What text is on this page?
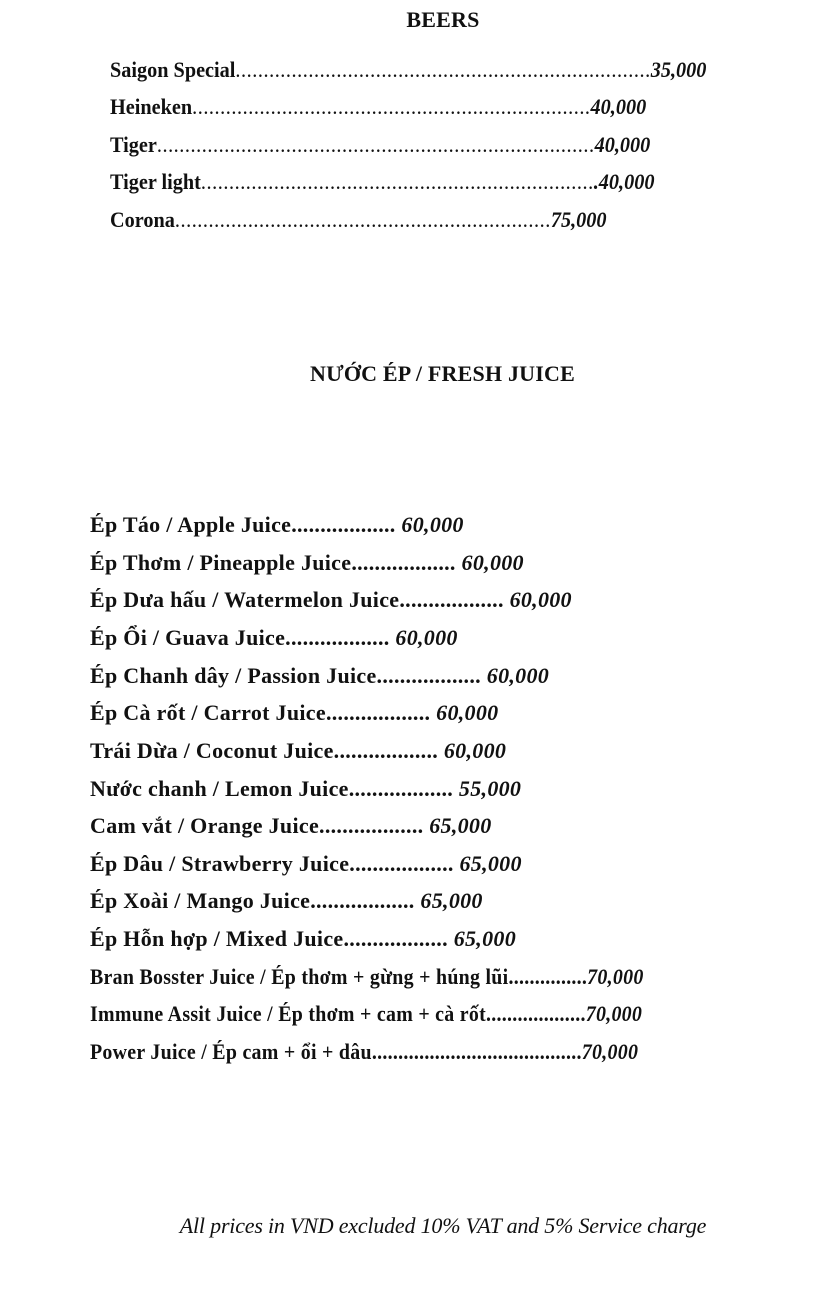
BEERS
Saigon Special..........................................................................35,000
Heineken.......................................................................40,000
Tiger..............................................................................40,000
Tiger light.......................................................................40,000
Corona...................................................................75,000
NƯỚC ÉP / FRESH JUICE
Ép Táo / Apple Juice.................. 60,000
Ép Thơm / Pineapple Juice.................. 60,000
Ép Dưa hấu / Watermelon Juice.................. 60,000
Ép Ổi / Guava Juice.................. 60,000
Ép Chanh dây / Passion Juice.................. 60,000
Ép Cà rốt / Carrot Juice.................. 60,000
Trái Dừa / Coconut Juice.................. 60,000
Nước chanh / Lemon Juice.................. 55,000
Cam vắt / Orange Juice.................. 65,000
Ép Dâu / Strawberry Juice.................. 65,000
Ép Xoài / Mango Juice.................. 65,000
Ép Hỗn hợp / Mixed Juice.................. 65,000
Bran Bosster Juice / Ép thơm + gừng + húng lũi...............70,000
Immune Assit Juice / Ép thơm + cam + cà rốt...................70,000
Power Juice / Ép cam + ổi + dâu........................................70,000
All prices in VND excluded 10% VAT and 5% Service charge
